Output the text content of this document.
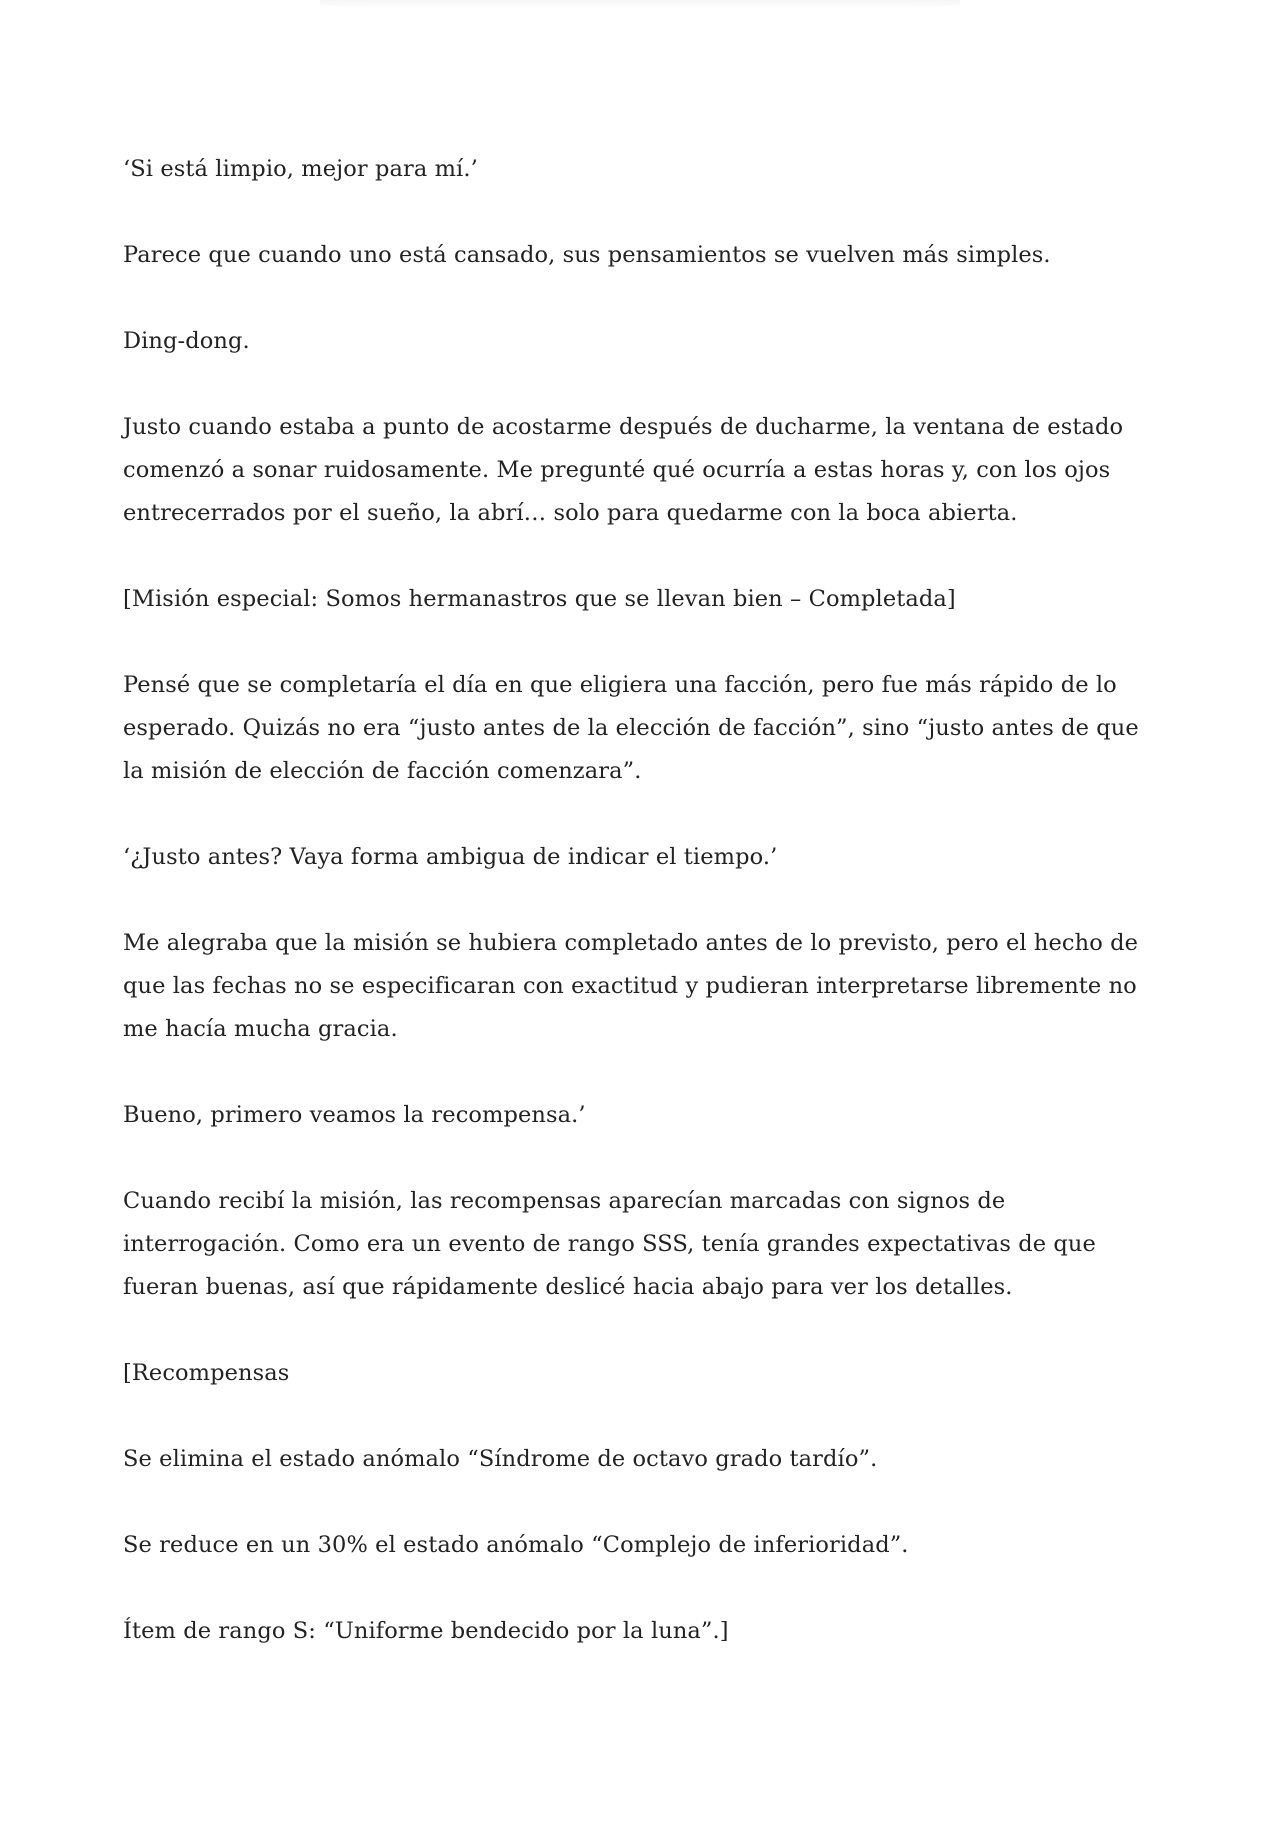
‘Si está limpio, mejor para mí.’

Parece que cuando uno está cansado, sus pensamientos se vuelven más simples.

Ding-dong.

Justo cuando estaba a punto de acostarme después de ducharme, la ventana de estado comenzó a sonar ruidosamente. Me pregunté qué ocurría a estas horas y, con los ojos entrecerrados por el sueño, la abrí… solo para quedarme con la boca abierta.

[Misión especial: Somos hermanastros que se llevan bien – Completada]

Pensé que se completaría el día en que eligiera una facción, pero fue más rápido de lo esperado. Quizás no era “justo antes de la elección de facción”, sino “justo antes de que la misión de elección de facción comenzara”.

‘¿Justo antes? Vaya forma ambigua de indicar el tiempo.’

Me alegraba que la misión se hubiera completado antes de lo previsto, pero el hecho de que las fechas no se especificaran con exactitud y pudieran interpretarse libremente no me hacía mucha gracia.

Bueno, primero veamos la recompensa.’

Cuando recibí la misión, las recompensas aparecían marcadas con signos de interrogación. Como era un evento de rango SSS, tenía grandes expectativas de que fueran buenas, así que rápidamente deslicé hacia abajo para ver los detalles.

[Recompensas

Se elimina el estado anómalo “Síndrome de octavo grado tardío”.

Se reduce en un 30% el estado anómalo “Complejo de inferioridad”.

Ítem de rango S: “Uniforme bendecido por la luna”.]
